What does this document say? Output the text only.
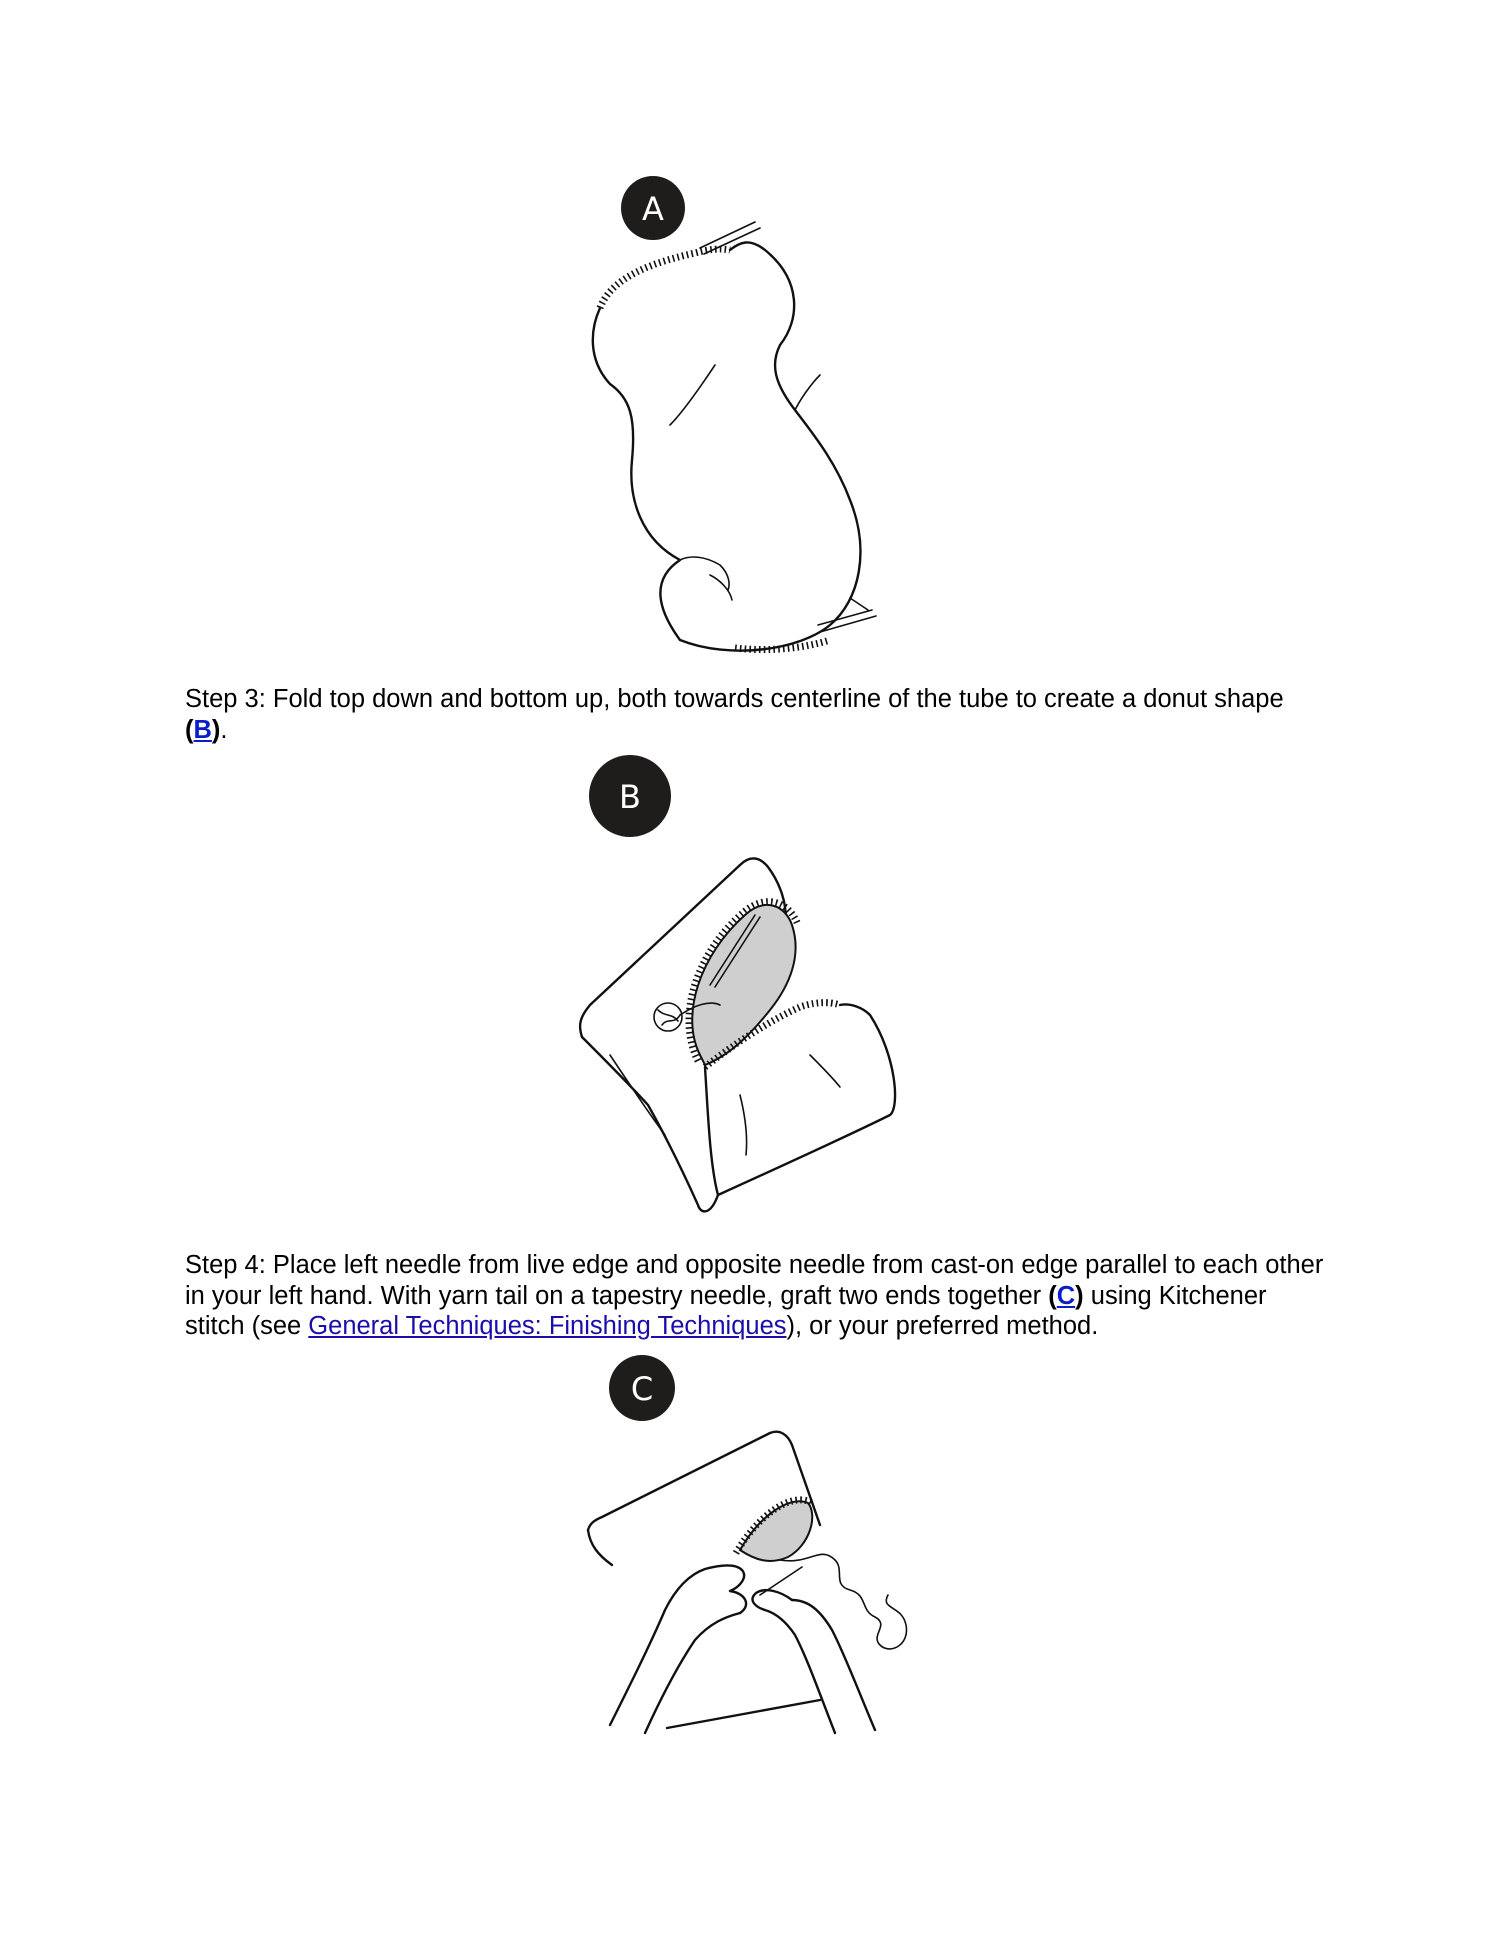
A

Step 3: Fold top down and bottom up, both towards centerline of the tube to create a donut shape (B).

B

Step 4: Place left needle from live edge and opposite needle from cast-on edge parallel to each other in your left hand. With yarn tail on a tapestry needle, graft two ends together (C) using Kitchener stitch (see General Techniques: Finishing Techniques), or your preferred method.

C
